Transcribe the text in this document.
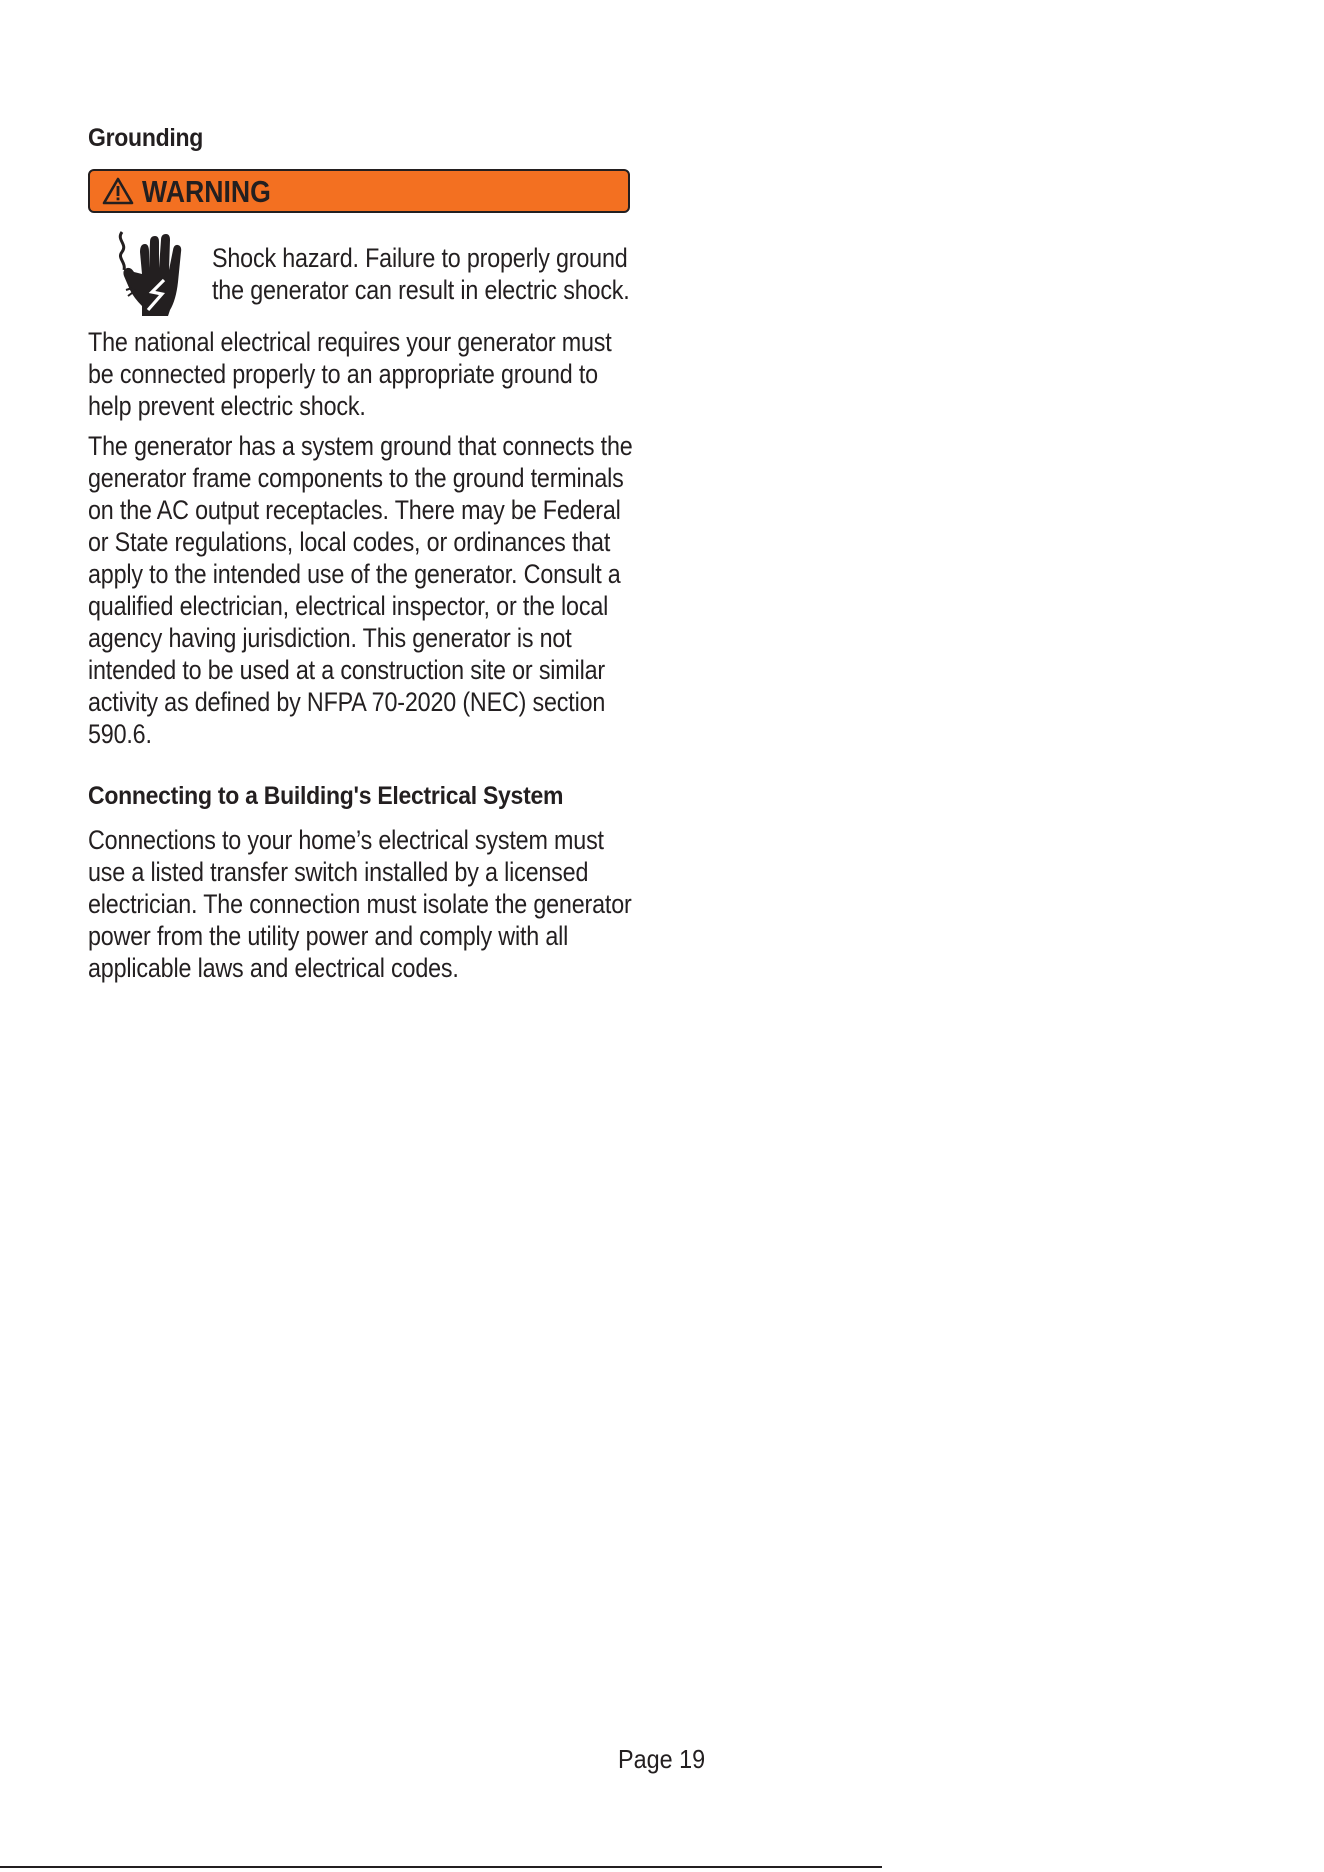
Grounding
WARNING

Shock hazard. Failure to properly ground
the generator can result in electric shock.

The national electrical requires your generator must
be connected properly to an appropriate ground to
help prevent electric shock.

The generator has a system ground that connects the
generator frame components to the ground terminals
on the AC output receptacles. There may be Federal
or State regulations, local codes, or ordinances that
apply to the intended use of the generator. Consult a
qualified electrician, electrical inspector, or the local
agency having jurisdiction. This generator is not
intended to be used at a construction site or similar
activity as defined by NFPA 70-2020 (NEC) section
590.6.

Connecting to a Building's Electrical System

Connections to your home’s electrical system must
use a listed transfer switch installed by a licensed
electrician. The connection must isolate the generator
power from the utility power and comply with all
applicable laws and electrical codes.

Page 19
